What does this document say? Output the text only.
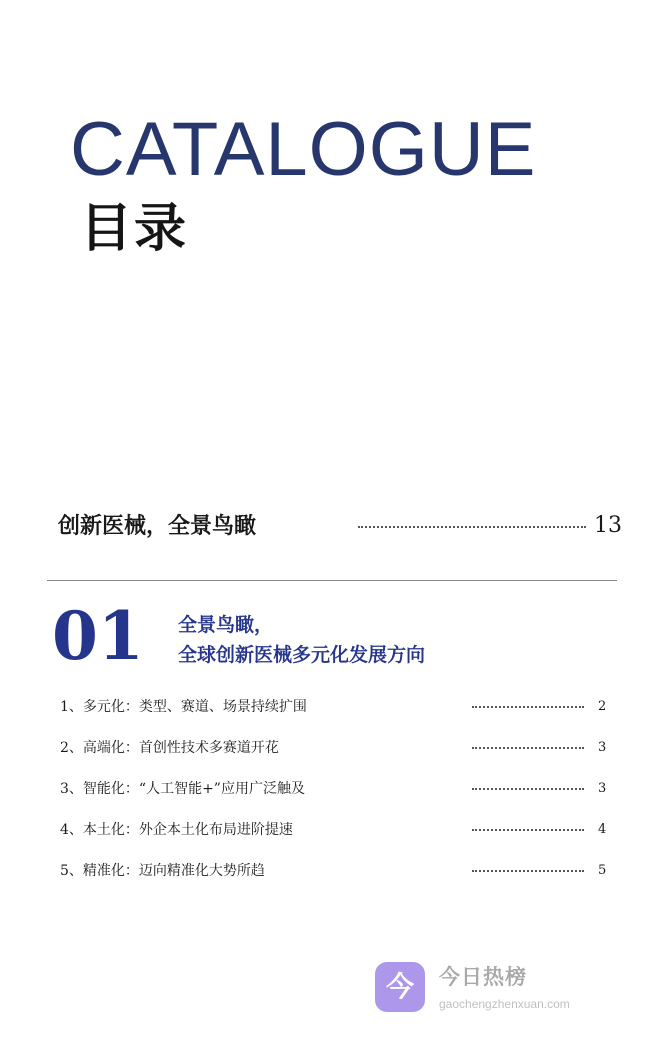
CATALOGUE
目录
创新医械，全景鸟瞰	13
01 全景鸟瞰，
全球创新医械多元化发展方向
1、多元化：类型、赛道、场景持续扩围	2
2、高端化：首创性技术多赛道开花	3
3、智能化：“人工智能+”应用广泛触及	3
4、本土化：外企本土化布局进阶提速	4
5、精准化：迈向精准化大势所趋	5
今	今日热榜
gaochengzhenxuan.com
